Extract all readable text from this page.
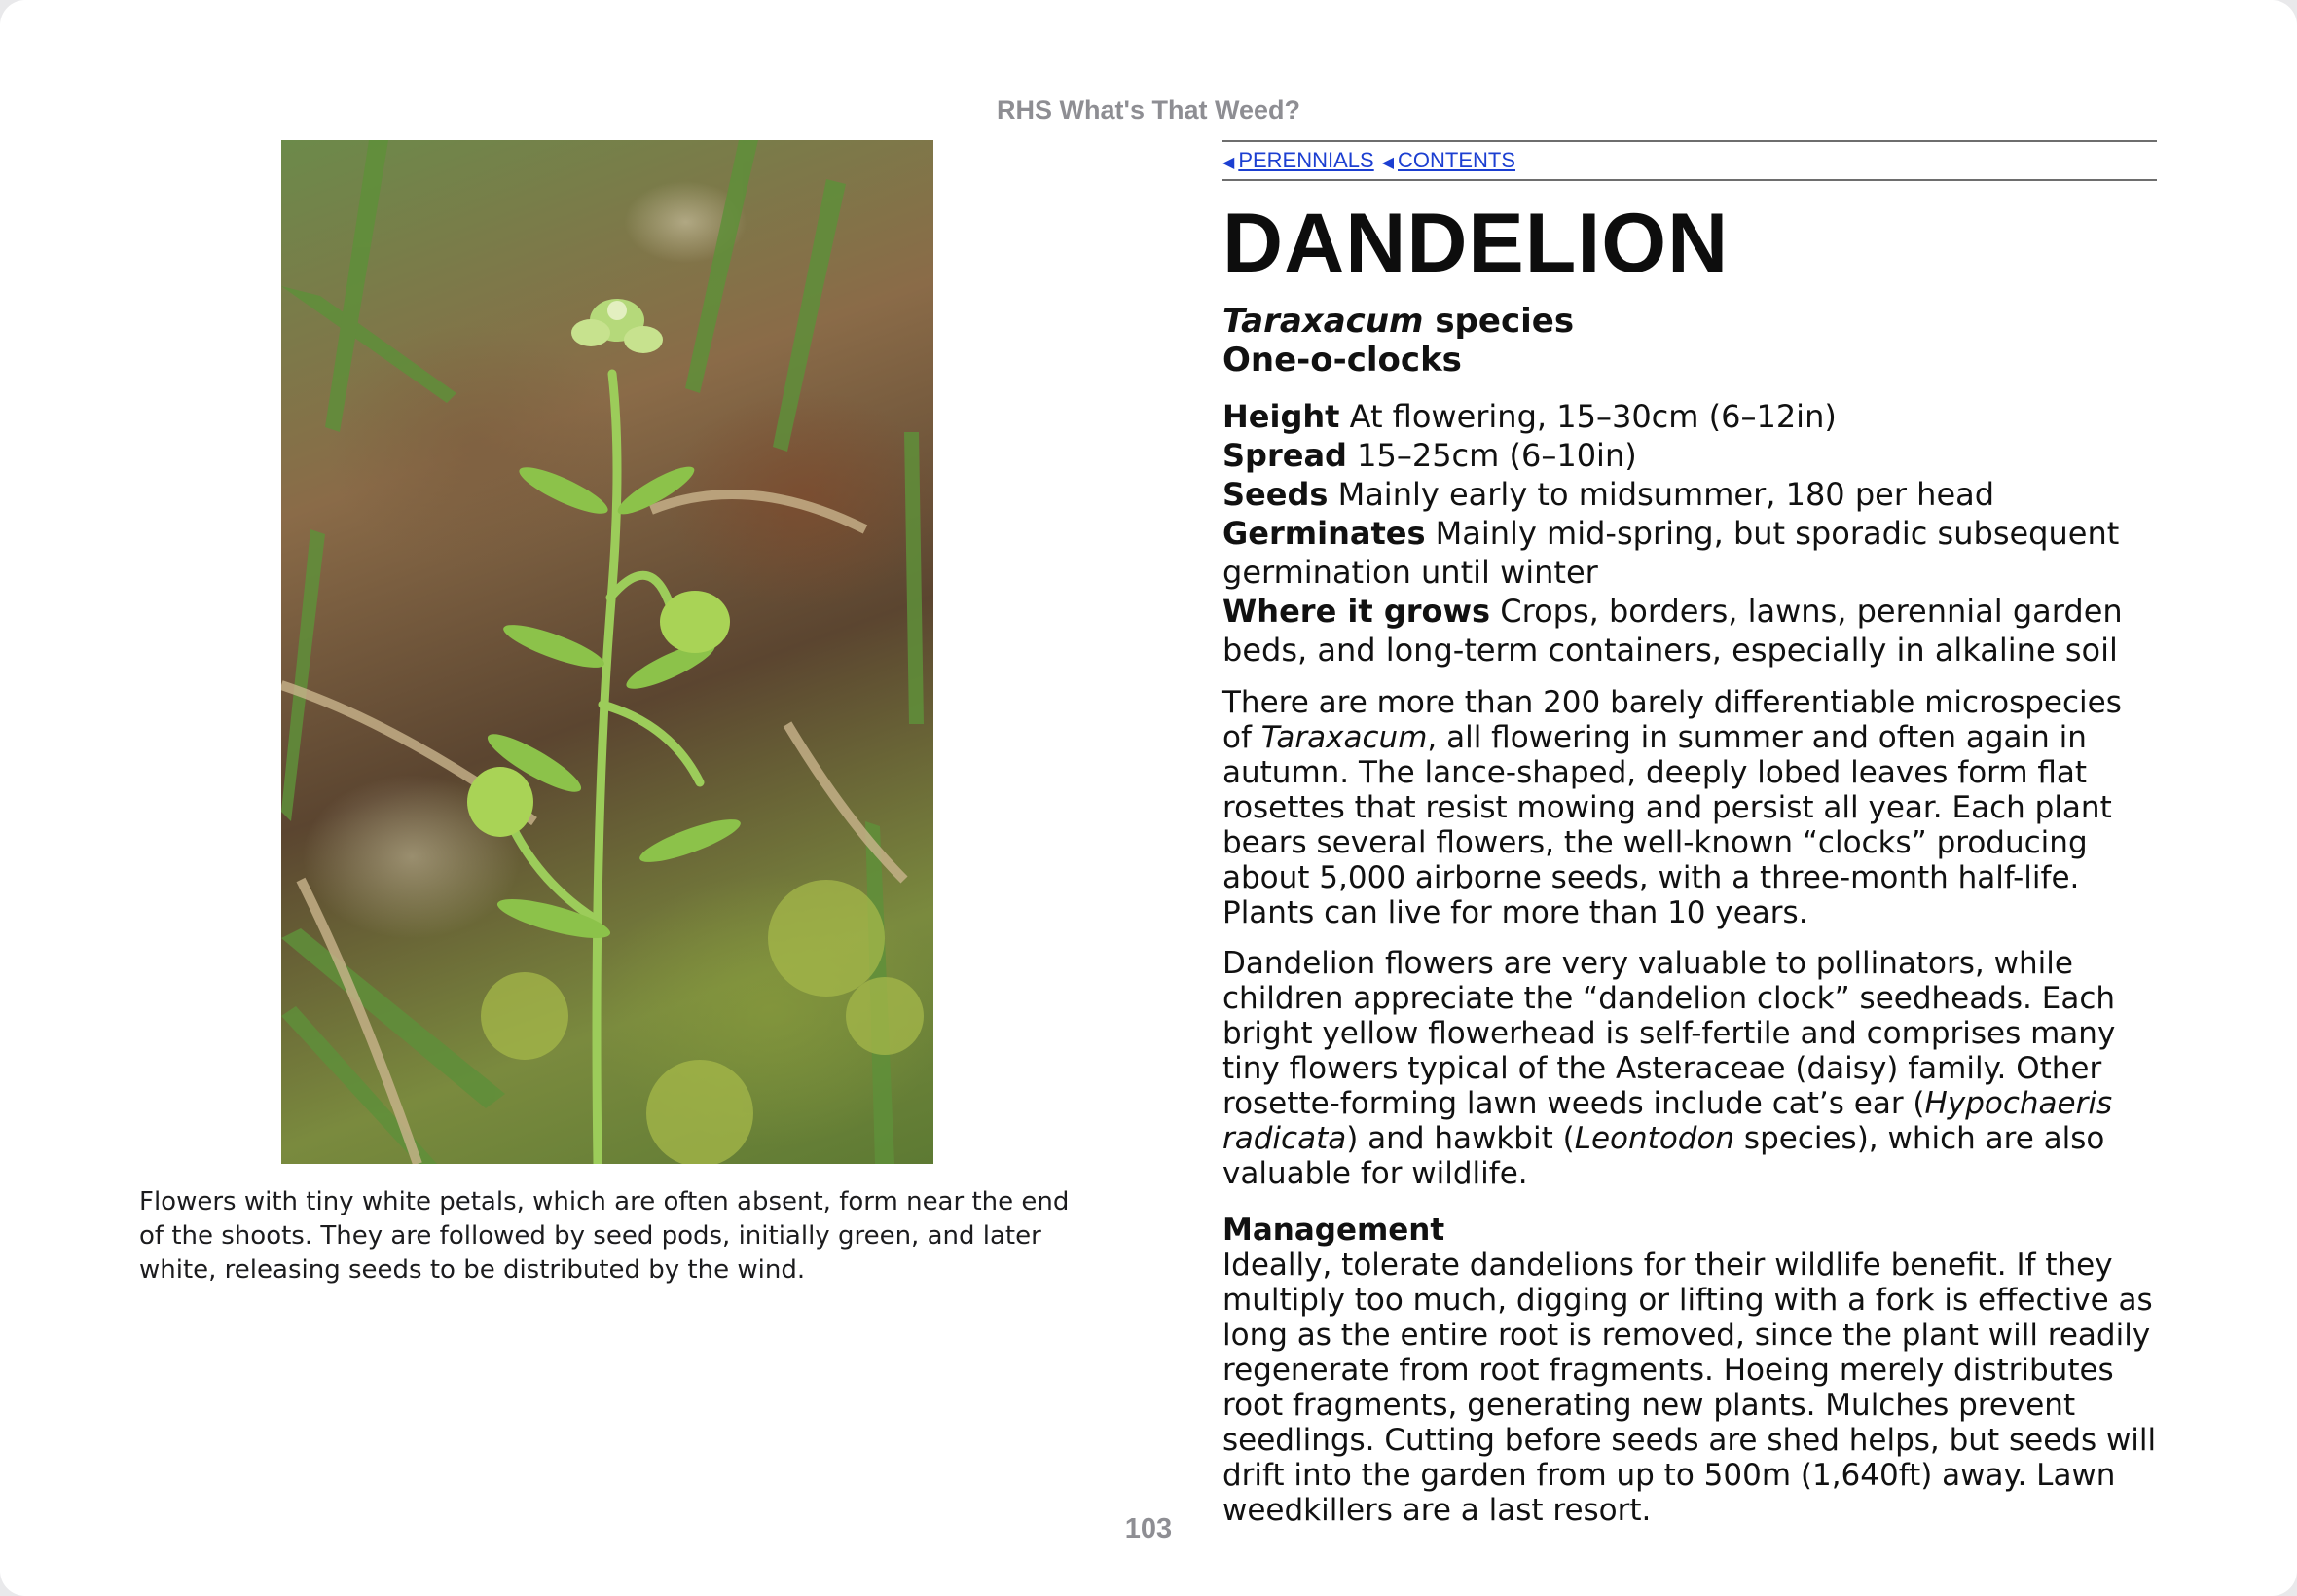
RHS What's That Weed?
Flowers with tiny white petals, which are often absent, form near the end of the shoots. They are followed by seed pods, initially green, and later white, releasing seeds to be distributed by the wind.
◀ PERENNIALS ◀ CONTENTS
DANDELION
Taraxacum species
One-o-clocks
Height At flowering, 15–30cm (6–12in)
Spread 15–25cm (6–10in)
Seeds Mainly early to midsummer, 180 per head
Germinates Mainly mid-spring, but sporadic subsequent germination until winter
Where it grows Crops, borders, lawns, perennial garden beds, and long-term containers, especially in alkaline soil
There are more than 200 barely differentiable microspecies of Taraxacum, all flowering in summer and often again in autumn. The lance-shaped, deeply lobed leaves form flat rosettes that resist mowing and persist all year. Each plant bears several flowers, the well-known “clocks” producing about 5,000 airborne seeds, with a three-month half-life. Plants can live for more than 10 years.
Dandelion flowers are very valuable to pollinators, while children appreciate the “dandelion clock” seedheads. Each bright yellow flowerhead is self-fertile and comprises many tiny flowers typical of the Asteraceae (daisy) family. Other rosette-forming lawn weeds include cat’s ear (Hypochaeris radicata) and hawkbit (Leontodon species), which are also valuable for wildlife.
Management
Ideally, tolerate dandelions for their wildlife benefit. If they multiply too much, digging or lifting with a fork is effective as long as the entire root is removed, since the plant will readily regenerate from root fragments. Hoeing merely distributes root fragments, generating new plants. Mulches prevent seedlings. Cutting before seeds are shed helps, but seeds will drift into the garden from up to 500m (1,640ft) away. Lawn weedkillers are a last resort.
103
